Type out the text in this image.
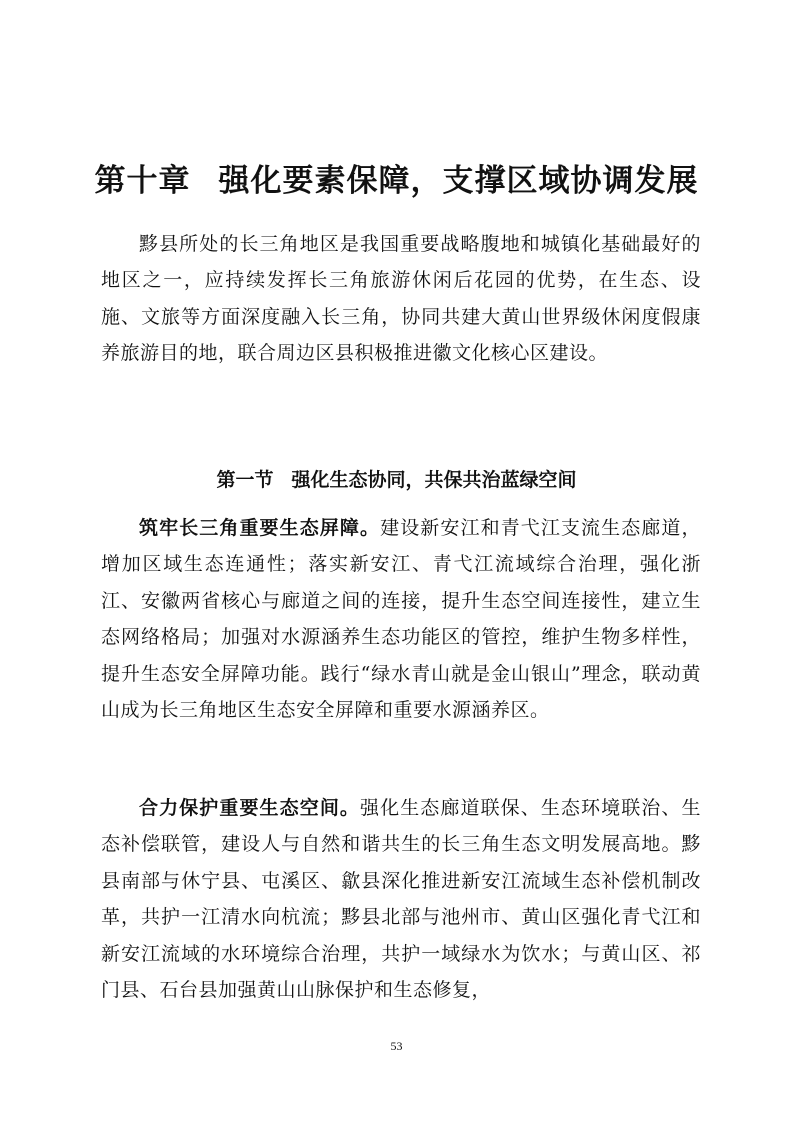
第十章 强化要素保障，支撑区域协调发展

黟县所处的长三角地区是我国重要战略腹地和城镇化基础最好的地区之一，应持续发挥长三角旅游休闲后花园的优势，在生态、设施、文旅等方面深度融入长三角，协同共建大黄山世界级休闲度假康养旅游目的地，联合周边区县积极推进徽文化核心区建设。

第一节 强化生态协同，共保共治蓝绿空间

筑牢长三角重要生态屏障。建设新安江和青弋江支流生态廊道，增加区域生态连通性；落实新安江、青弋江流域综合治理，强化浙江、安徽两省核心与廊道之间的连接，提升生态空间连接性，建立生态网络格局；加强对水源涵养生态功能区的管控，维护生物多样性，提升生态安全屏障功能。践行“绿水青山就是金山银山”理念，联动黄山成为长三角地区生态安全屏障和重要水源涵养区。

合力保护重要生态空间。强化生态廊道联保、生态环境联治、生态补偿联管，建设人与自然和谐共生的长三角生态文明发展高地。黟县南部与休宁县、屯溪区、歙县深化推进新安江流域生态补偿机制改革，共护一江清水向杭流；黟县北部与池州市、黄山区强化青弋江和新安江流域的水环境综合治理，共护一域绿水为饮水；与黄山区、祁门县、石台县加强黄山山脉保护和生态修复，

53
